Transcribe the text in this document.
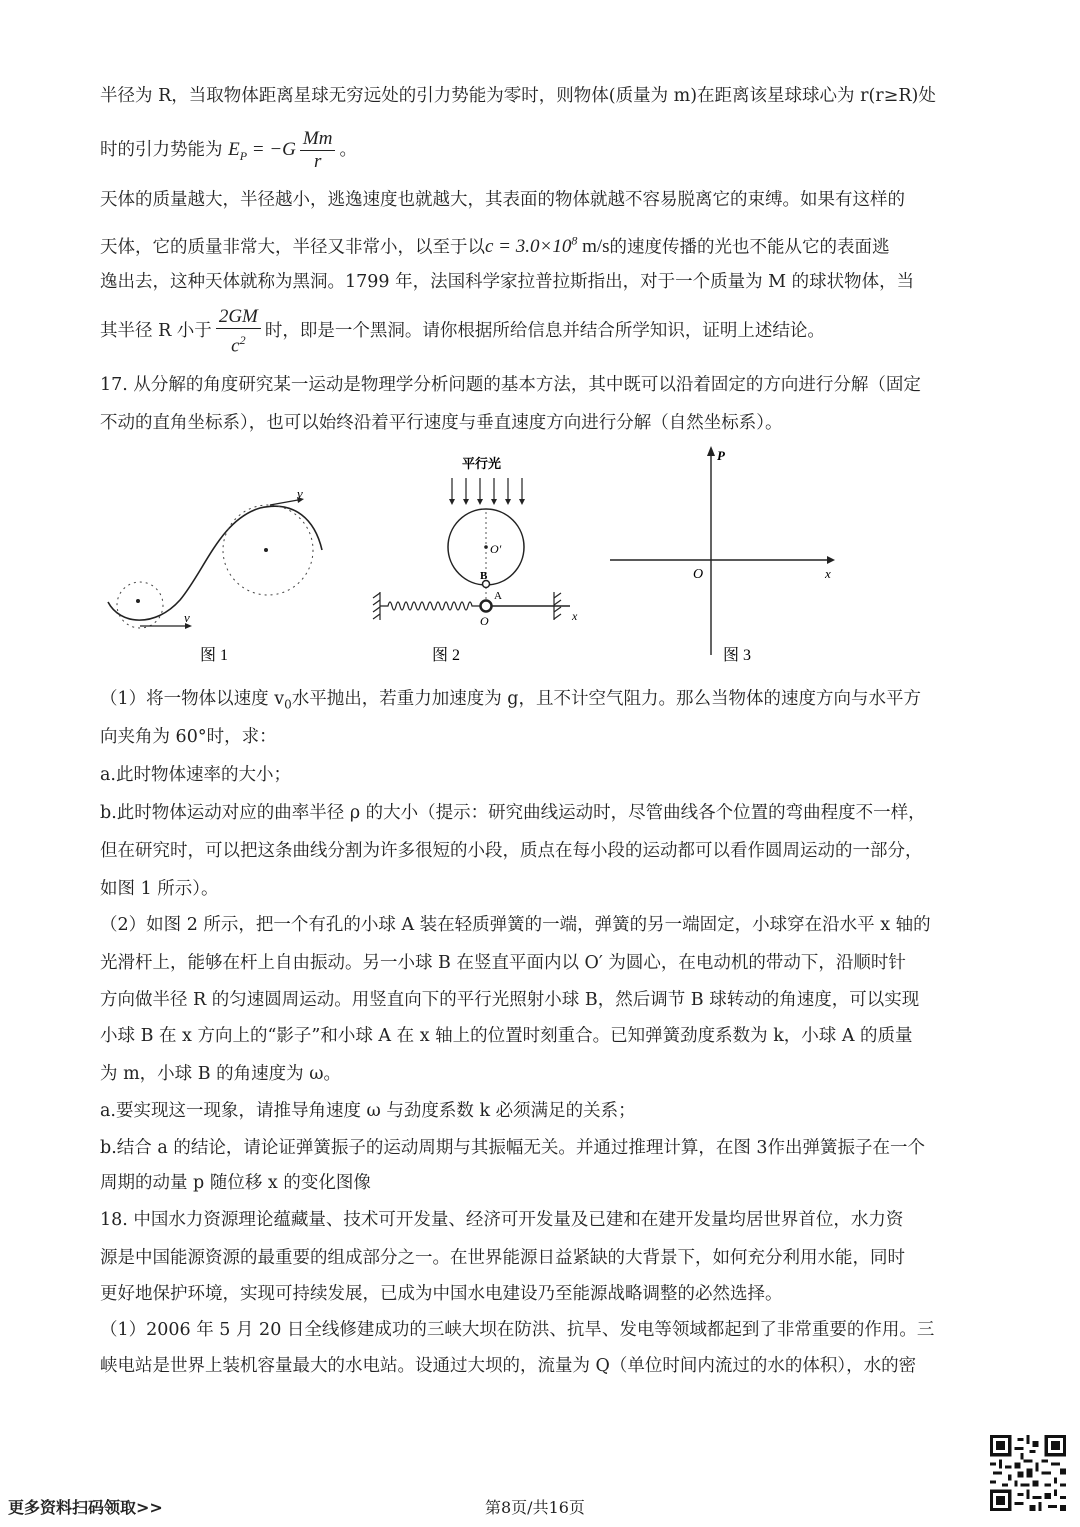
半径为 R，当取物体距离星球无穷远处的引力势能为零时，则物体(质量为 m)在距离该星球球心为 r(r≥R)处
时的引力势能为 $E_P = -G \frac{Mm}{r}$ 。
天体的质量越大，半径越小，逃逸速度也就越大，其表面的物体就越不容易脱离它的束缚。如果有这样的
天体，它的质量非常大，半径又非常小，以至于以$c = 3.0\times 10^8$ m/s的速度传播的光也不能从它的表面逃
逸出去，这种天体就称为黑洞。1799 年，法国科学家拉普拉斯指出，对于一个质量为 M 的球状物体，当
其半径 R 小于 $\frac{2GM}{c^2}$ 时，即是一个黑洞。请你根据所给信息并结合所学知识，证明上述结论。
17. 从分解的角度研究某一运动是物理学分析问题的基本方法，其中既可以沿着固定的方向进行分解（固定
不动的直角坐标系），也可以始终沿着平行速度与垂直速度方向进行分解（自然坐标系）。
v
v
图 1
平行光
O′
B
A
O	x
图 2
P
O	x
图 3
（1）将一物体以速度 $v_0$水平抛出，若重力加速度为 g，且不计空气阻力。那么当物体的速度方向与水平方
向夹角为 60°时，求：
a.此时物体速率的大小；
b.此时物体运动对应的曲率半径 ρ 的大小（提示：研究曲线运动时，尽管曲线各个位置的弯曲程度不一样，
但在研究时，可以把这条曲线分割为许多很短的小段，质点在每小段的运动都可以看作圆周运动的一部分，
如图 1 所示）。
（2）如图 2 所示，把一个有孔的小球 A 装在轻质弹簧的一端，弹簧的另一端固定，小球穿在沿水平 x 轴的
光滑杆上，能够在杆上自由振动。另一小球 B 在竖直平面内以 O′ 为圆心，在电动机的带动下，沿顺时针
方向做半径 R 的匀速圆周运动。用竖直向下的平行光照射小球 B，然后调节 B 球转动的角速度，可以实现
小球 B 在 x 方向上的“影子”和小球 A 在 x 轴上的位置时刻重合。已知弹簧劲度系数为 k，小球 A 的质量
为 m，小球 B 的角速度为 ω。
a.要实现这一现象，请推导角速度 ω 与劲度系数 k 必须满足的关系；
b.结合 a 的结论，请论证弹簧振子的运动周期与其振幅无关。并通过推理计算，在图 3作出弹簧振子在一个
周期的动量 p 随位移 x 的变化图像
18. 中国水力资源理论蕴藏量、技术可开发量、经济可开发量及已建和在建开发量均居世界首位，水力资
源是中国能源资源的最重要的组成部分之一。在世界能源日益紧缺的大背景下，如何充分利用水能，同时
更好地保护环境，实现可持续发展，已成为中国水电建设乃至能源战略调整的必然选择。
（1）2006 年 5 月 20 日全线修建成功的三峡大坝在防洪、抗旱、发电等领域都起到了非常重要的作用。三
峡电站是世界上装机容量最大的水电站。设通过大坝的，流量为 Q（单位时间内流过的水的体积），水的密
更多资料扫码领取>>	第8页/共16页
